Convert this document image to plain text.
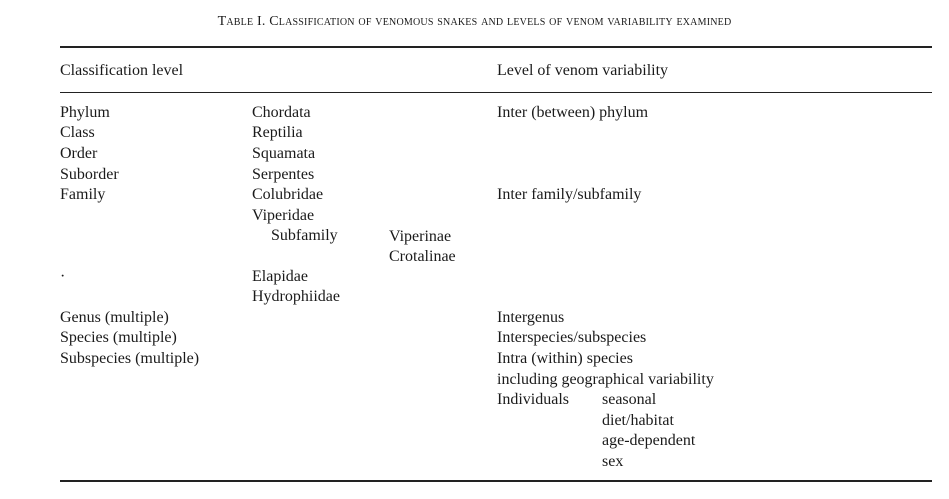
Table I. Classification of venomous snakes and levels of venom variability examined
Classification level	Level of venom variability
Phylum
Class
Order
Suborder
Family
·
Genus (multiple)
Species (multiple)
Subspecies (multiple)
Chordata
Reptilia
Squamata
Serpentes
Colubridae
Viperidae
Subfamily	Viperinae
Crotalinae
Elapidae
Hydrophiidae
Inter (between) phylum
Inter family/subfamily
Intergenus
Interspecies/subspecies
Intra (within) species
including geographical variability
Individuals seasonal
diet/habitat
age-dependent
sex
